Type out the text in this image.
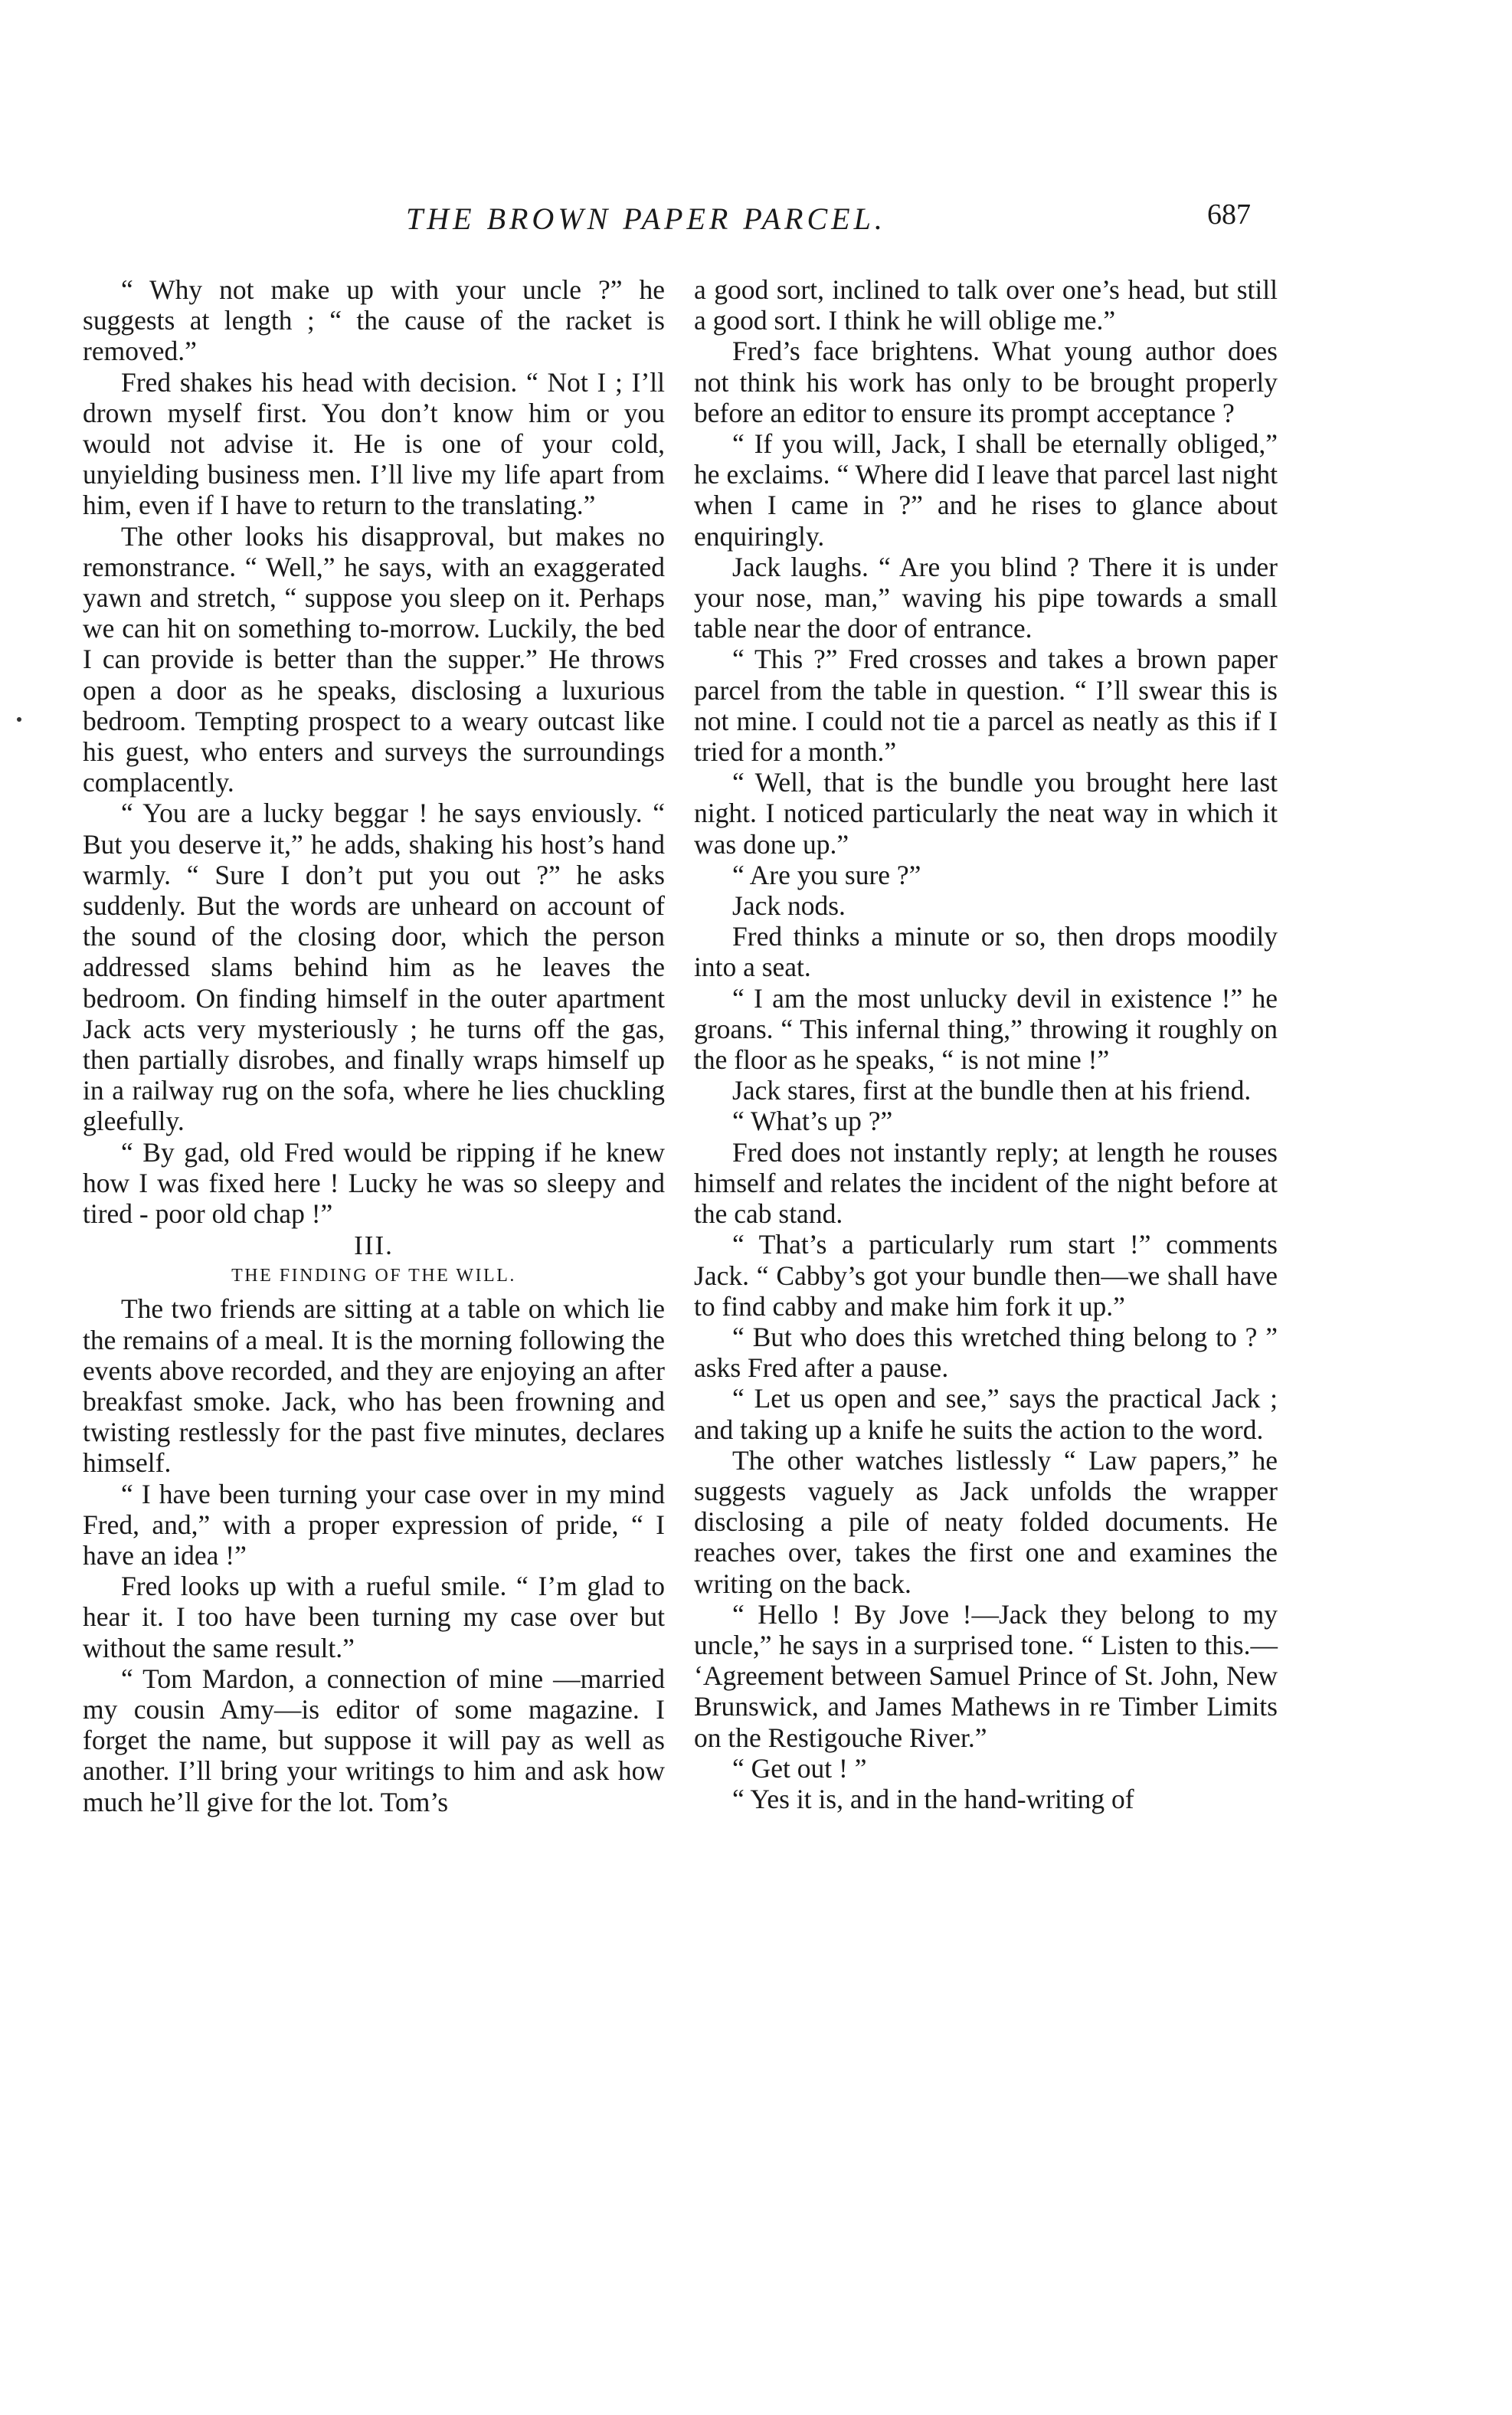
THE BROWN PAPER PARCEL.	687

“ Why not make up with your uncle ?” he suggests at length ; “ the cause of the racket is removed.”

Fred shakes his head with decision. “ Not I ; I’ll drown myself first. You don’t know him or you would not advise it. He is one of your cold, unyielding business men. I’ll live my life apart from him, even if I have to return to the translating.”

The other looks his disapproval, but makes no remonstrance. “ Well,” he says, with an exaggerated yawn and stretch, “ suppose you sleep on it. Perhaps we can hit on something to-morrow. Luckily, the bed I can provide is better than the supper.” He throws open a door as he speaks, disclosing a luxurious bedroom. Tempting prospect to a weary outcast like his guest, who enters and surveys the surroundings complacently.

“ You are a lucky beggar ! he says enviously. “ But you deserve it,” he adds, shaking his host’s hand warmly. “ Sure I don’t put you out ?” he asks suddenly. But the words are unheard on account of the sound of the closing door, which the person addressed slams behind him as he leaves the bedroom. On finding himself in the outer apartment Jack acts very mysteriously ; he turns off the gas, then partially disrobes, and finally wraps himself up in a railway rug on the sofa, where he lies chuckling gleefully.

“ By gad, old Fred would be ripping if he knew how I was fixed here ! Lucky he was so sleepy and tired - poor old chap !”

III.
THE FINDING OF THE WILL.

The two friends are sitting at a table on which lie the remains of a meal. It is the morning following the events above recorded, and they are enjoying an after breakfast smoke. Jack, who has been frowning and twisting restlessly for the past five minutes, declares himself.

“ I have been turning your case over in my mind Fred, and,” with a proper expression of pride, “ I have an idea !”

Fred looks up with a rueful smile. “ I’m glad to hear it. I too have been turning my case over but without the same result.”

“ Tom Mardon, a connection of mine —married my cousin Amy—is editor of some magazine. I forget the name, but suppose it will pay as well as another. I’ll bring your writings to him and ask how much he’ll give for the lot. Tom’s

a good sort, inclined to talk over one’s head, but still a good sort. I think he will oblige me.”

Fred’s face brightens. What young author does not think his work has only to be brought properly before an editor to ensure its prompt acceptance ?

“ If you will, Jack, I shall be eternally obliged,” he exclaims. “ Where did I leave that parcel last night when I came in ?” and he rises to glance about enquiringly.

Jack laughs. “ Are you blind ? There it is under your nose, man,” waving his pipe towards a small table near the door of entrance.

“ This ?” Fred crosses and takes a brown paper parcel from the table in question. “ I’ll swear this is not mine. I could not tie a parcel as neatly as this if I tried for a month.”

“ Well, that is the bundle you brought here last night. I noticed particularly the neat way in which it was done up.”

“ Are you sure ?”

Jack nods.

Fred thinks a minute or so, then drops moodily into a seat.

“ I am the most unlucky devil in existence !” he groans. “ This infernal thing,” throwing it roughly on the floor as he speaks, “ is not mine !”

Jack stares, first at the bundle then at his friend.

“ What’s up ?”

Fred does not instantly reply; at length he rouses himself and relates the incident of the night before at the cab stand.

“ That’s a particularly rum start !” comments Jack. “ Cabby’s got your bundle then—we shall have to find cabby and make him fork it up.”

“ But who does this wretched thing belong to ? ” asks Fred after a pause.

“ Let us open and see,” says the practical Jack ; and taking up a knife he suits the action to the word.

The other watches listlessly “ Law papers,” he suggests vaguely as Jack unfolds the wrapper disclosing a pile of neaty folded documents. He reaches over, takes the first one and examines the writing on the back.

“ Hello ! By Jove !—Jack they belong to my uncle,” he says in a surprised tone. “ Listen to this.— ‘Agreement between Samuel Prince of St. John, New Brunswick, and James Mathews in re Timber Limits on the Restigouche River.”

“ Get out ! ”

“ Yes it is, and in the hand-writing of
